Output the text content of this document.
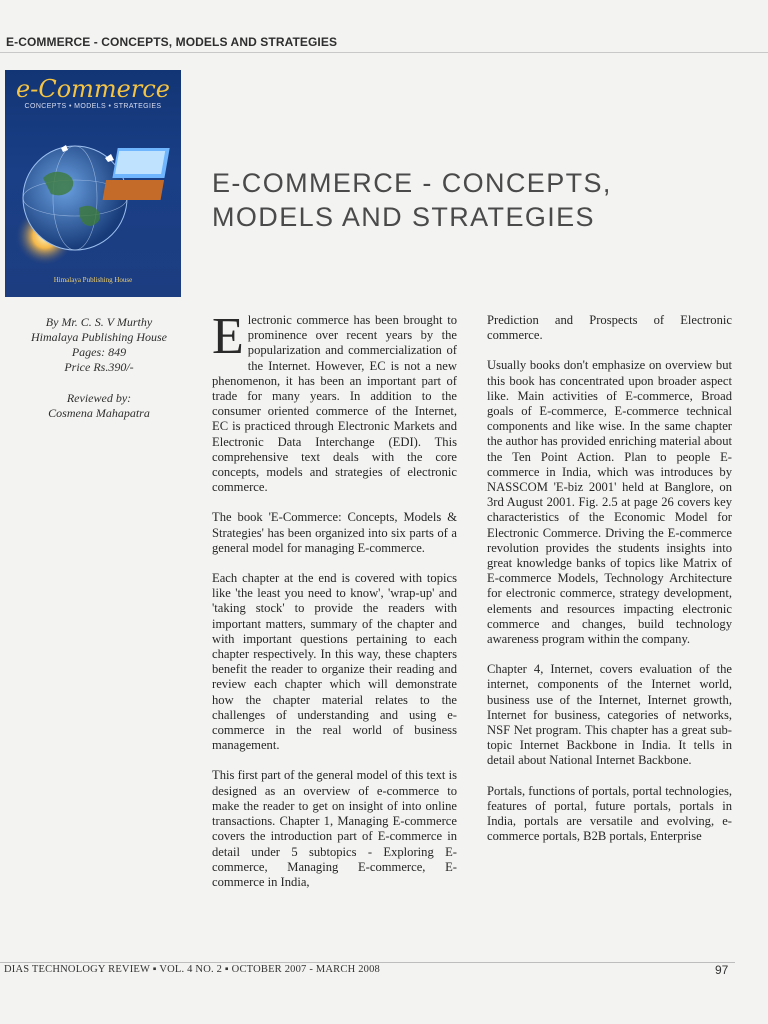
E-COMMERCE - CONCEPTS, MODELS AND STRATEGIES
e-Commerce
CONCEPTS • MODELS • STRATEGIES
Himalaya Publishing House
E-COMMERCE - CONCEPTS,
MODELS AND STRATEGIES
By Mr. C. S. V Murthy
Himalaya Publishing House
Pages: 849
Price Rs.390/-
Reviewed by:
Cosmena Mahapatra

E lectronic commerce has been brought to prominence over recent years by the popularization and commercialization of the Internet. However, EC is not a new phenomenon, it has been an important part of trade for many years. In addition to the consumer oriented commerce of the Internet, EC is practiced through Electronic Markets and Electronic Data Interchange (EDI). This comprehensive text deals with the core concepts, models and strategies of electronic commerce.

The book 'E-Commerce: Concepts, Models & Strategies' has been organized into six parts of a general model for managing E-commerce.

Each chapter at the end is covered with topics like 'the least you need to know', 'wrap-up' and 'taking stock' to provide the readers with important matters, summary of the chapter and with important questions pertaining to each chapter respectively. In this way, these chapters benefit the reader to organize their reading and review each chapter which will demonstrate how the chapter material relates to the challenges of understanding and using e-commerce in the real world of business management.

This first part of the general model of this text is designed as an overview of e-commerce to make the reader to get on insight of into online transactions. Chapter 1, Managing E-commerce covers the introduction part of E-commerce in detail under 5 subtopics - Exploring E-commerce, Managing E-commerce, E-commerce in India,

Prediction and Prospects of Electronic commerce.

Usually books don't emphasize on overview but this book has concentrated upon broader aspect like. Main activities of E-commerce, Broad goals of E-commerce, E-commerce technical components and like wise. In the same chapter the author has provided enriching material about the Ten Point Action. Plan to people E-commerce in India, which was introduces by NASSCOM 'E-biz 2001' held at Banglore, on 3rd August 2001. Fig. 2.5 at page 26 covers key characteristics of the Economic Model for Electronic Commerce. Driving the E-commerce revolution provides the students insights into great knowledge banks of topics like Matrix of E-commerce Models, Technology Architecture for electronic commerce, strategy development, elements and resources impacting electronic commerce and changes, build technology awareness program within the company.

Chapter 4, Internet, covers evaluation of the internet, components of the Internet world, business use of the Internet, Internet growth, Internet for business, categories of networks, NSF Net program. This chapter has a great sub-topic Internet Backbone in India. It tells in detail about National Internet Backbone.

Portals, functions of portals, portal technologies, features of portal, future portals, portals in India, portals are versatile and evolving, e-commerce portals, B2B portals, Enterprise

DIAS TECHNOLOGY REVIEW ▪ VOL. 4 NO. 2 ▪ OCTOBER 2007 - MARCH 2008	97
